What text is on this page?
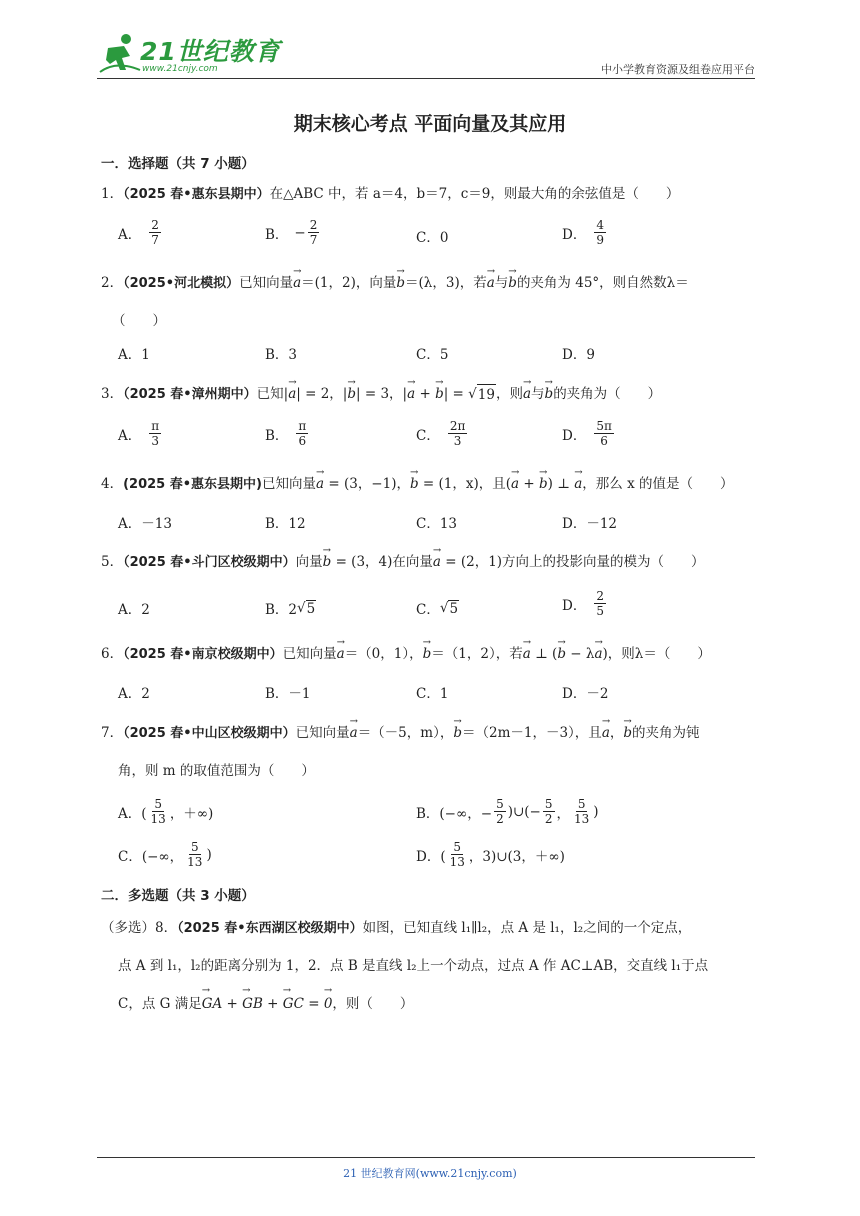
21世纪教育
www.21cnjy.com	中小学教育资源及组卷应用平台
期末核心考点 平面向量及其应用
一．选择题（共 7 小题）
1．（2025 春•惠东县期中）在△ABC 中，若 a＝4，b＝7，c＝9，则最大角的余弦值是（　　）
A． $\frac{2}{7}$	B． − $\frac{2}{7}$	C．0	D． $\frac{4}{9}$
2．（2025•河北模拟）已知向量→ a＝(1，2)，向量→ b＝(λ，3)，若→ a与→ b的夹角为 45°，则自然数λ＝
（　　）
A．1	B．3	C．5	D．9
3．（2025 春•漳州期中）已知|→ a| = 2，|→ b| = 3，|→ a + → b| = √ 19 ，则→ a与→ b的夹角为（　　）
A． $\frac{\pi}{3}$	B． $\frac{\pi}{6}$	C． $\frac{2\pi}{3}$	D． $\frac{5\pi}{6}$
4．(2025 春•惠东县期中)已知向量→ a = (3，−1)，→ b = (1，x)，且(→ a + → b) ⊥ → a，那么 x 的值是（　　）
A．－13	B．12	C．13	D．－12
5．（2025 春•斗门区校级期中）向量→ b = (3，4)在向量→ a = (2，1)方向上的投影向量的模为（　　）
A．2	B．2 √ 5	C． √ 5	D． $\frac{2}{5}$
6．（2025 春•南京校级期中）已知向量→ a＝（0，1），→ b＝（1，2），若→ a ⊥ (→ b − λ→ a)，则λ＝（　　）
A．2	B．－1	C．1	D．－2
7．（2025 春•中山区校级期中）已知向量→ a＝（－5，m），→ b＝（2m－1，－3），且→ a，→ b的夹角为钝
角，则 m 的取值范围为（　　）
A．( $\frac{5}{13}$ ，＋∞)	B．(−∞，− $\frac{5}{2}$ )∪(− $\frac{5}{2}$ ， $\frac{5}{13}$ )
C．(−∞， $\frac{5}{13}$ )	D．( $\frac{5}{13}$ ，3)∪(3，＋∞)
二．多选题（共 3 小题）
（多选）8．（2025 春•东西湖区校级期中）如图，已知直线 l₁∥l₂，点 A 是 l₁，l₂之间的一个定点，
点 A 到 l₁，l₂的距离分别为 1，2．点 B 是直线 l₂上一个动点，过点 A 作 AC⊥AB，交直线 l₁于点
C，点 G 满足→ GA + → GB + → GC = → 0，则（　　）
21 世纪教育网(www.21cnjy.com)
